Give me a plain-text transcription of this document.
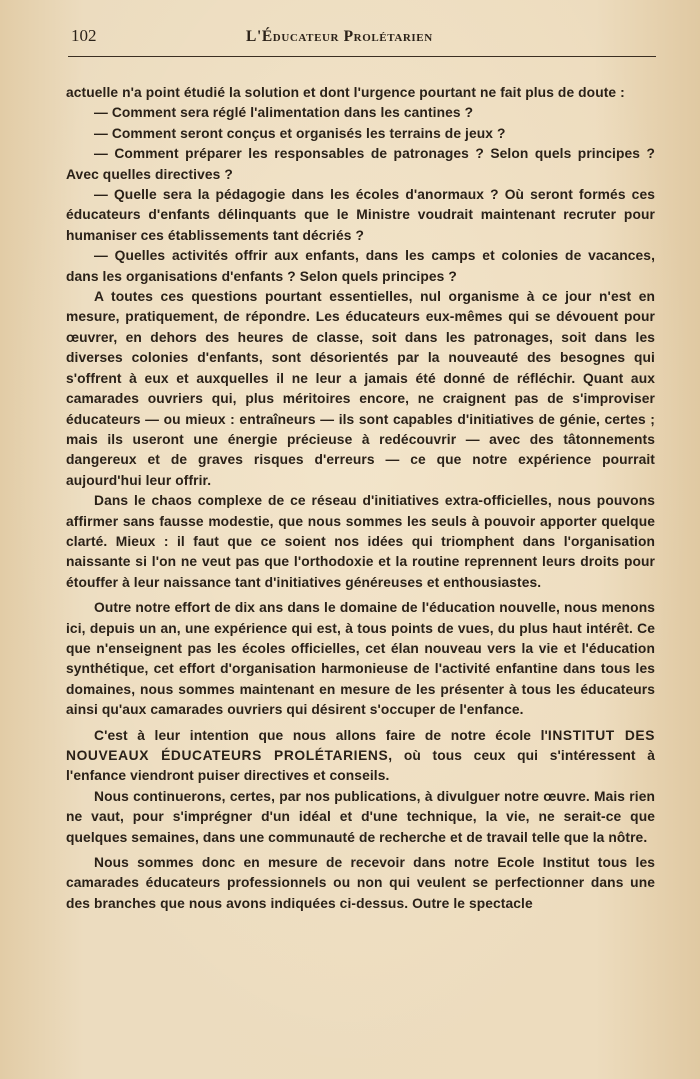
102	L'Éducateur Prolétarien

actuelle n'a point étudié la solution et dont l'urgence pourtant ne fait plus de doute :

— Comment sera réglé l'alimentation dans les cantines ?

— Comment seront conçus et organisés les terrains de jeux ?

— Comment préparer les responsables de patronages ? Selon quels principes ? Avec quelles directives ?

— Quelle sera la pédagogie dans les écoles d'anormaux ? Où seront formés ces éducateurs d'enfants délinquants que le Ministre voudrait maintenant recruter pour humaniser ces établissements tant décriés ?

— Quelles activités offrir aux enfants, dans les camps et colonies de vacances, dans les organisations d'enfants ? Selon quels principes ?

A toutes ces questions pourtant essentielles, nul organisme à ce jour n'est en mesure, pratiquement, de répondre. Les éducateurs eux-mêmes qui se dévouent pour œuvrer, en dehors des heures de classe, soit dans les patronages, soit dans les diverses colonies d'enfants, sont désorientés par la nouveauté des besognes qui s'offrent à eux et auxquelles il ne leur a jamais été donné de réfléchir. Quant aux camarades ouvriers qui, plus méritoires encore, ne craignent pas de s'improviser éducateurs — ou mieux : entraîneurs — ils sont capables d'initiatives de génie, certes ; mais ils useront une énergie précieuse à redécouvrir — avec des tâtonnements dangereux et de graves risques d'erreurs — ce que notre expérience pourrait aujourd'hui leur offrir.

Dans le chaos complexe de ce réseau d'initiatives extra-officielles, nous pouvons affirmer sans fausse modestie, que nous sommes les seuls à pouvoir apporter quelque clarté. Mieux : il faut que ce soient nos idées qui triomphent dans l'organisation naissante si l'on ne veut pas que l'orthodoxie et la routine reprennent leurs droits pour étouffer à leur naissance tant d'initiatives généreuses et enthousiastes.

Outre notre effort de dix ans dans le domaine de l'éducation nouvelle, nous menons ici, depuis un an, une expérience qui est, à tous points de vues, du plus haut intérêt. Ce que n'enseignent pas les écoles officielles, cet élan nouveau vers la vie et l'éducation synthétique, cet effort d'organisation harmonieuse de l'activité enfantine dans tous les domaines, nous sommes maintenant en mesure de les présenter à tous les éducateurs ainsi qu'aux camarades ouvriers qui désirent s'occuper de l'enfance.

C'est à leur intention que nous allons faire de notre école l'INSTITUT DES NOUVEAUX ÉDUCATEURS PROLÉTARIENS, où tous ceux qui s'intéressent à l'enfance viendront puiser directives et conseils.

Nous continuerons, certes, par nos publications, à divulguer notre œuvre. Mais rien ne vaut, pour s'imprégner d'un idéal et d'une technique, la vie, ne serait-ce que quelques semaines, dans une communauté de recherche et de travail telle que la nôtre.

Nous sommes donc en mesure de recevoir dans notre Ecole Institut tous les camarades éducateurs professionnels ou non qui veulent se perfectionner dans une des branches que nous avons indiquées ci-dessus. Outre le spectacle
